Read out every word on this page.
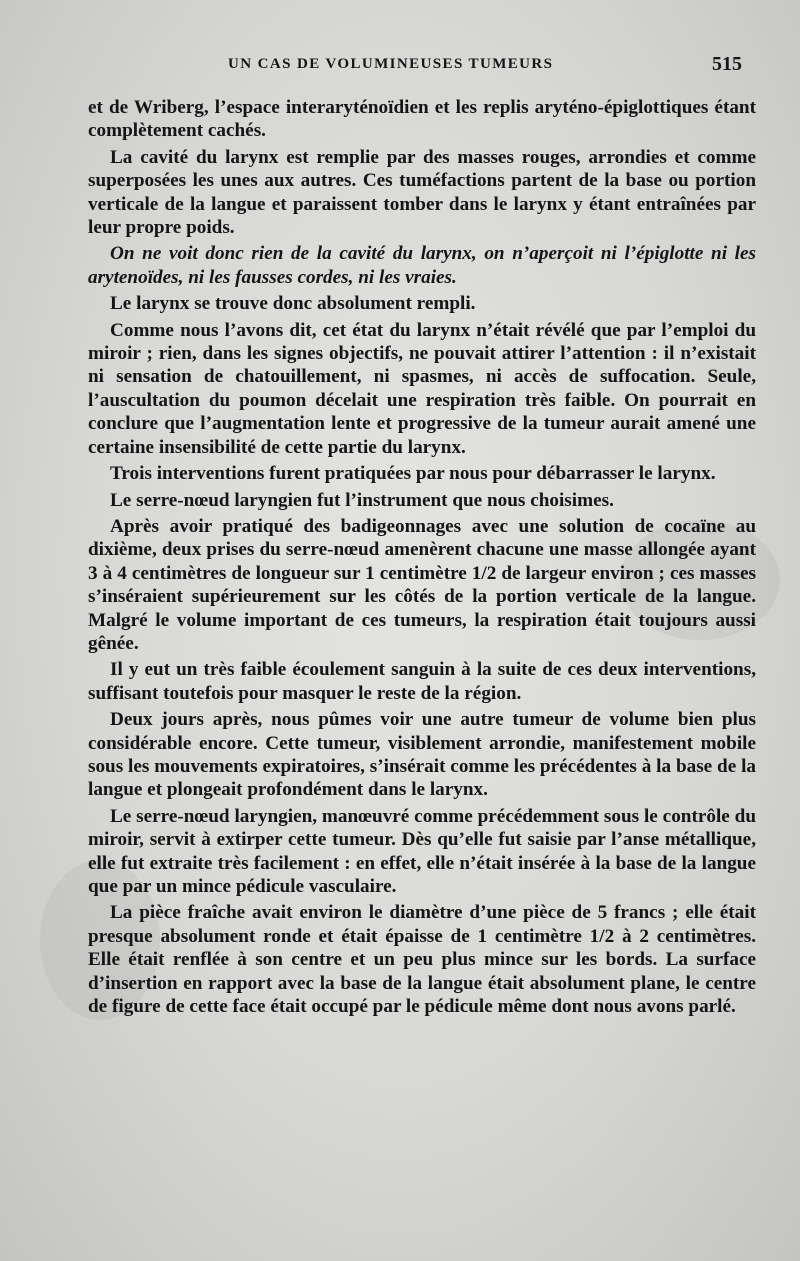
UN CAS DE VOLUMINEUSES TUMEURS	515

et de Wriberg, l’espace interaryténoïdien et les replis aryténo-épiglottiques étant complètement cachés.

La cavité du larynx est remplie par des masses rouges, arrondies et comme superposées les unes aux autres. Ces tuméfactions partent de la base ou portion verticale de la langue et paraissent tomber dans le larynx y étant entraînées par leur propre poids.

On ne voit donc rien de la cavité du larynx, on n’aperçoit ni l’épiglotte ni les arytenoïdes, ni les fausses cordes, ni les vraies.

Le larynx se trouve donc absolument rempli.

Comme nous l’avons dit, cet état du larynx n’était révélé que par l’emploi du miroir ; rien, dans les signes objectifs, ne pouvait attirer l’attention : il n’existait ni sensation de chatouillement, ni spasmes, ni accès de suffocation. Seule, l’auscultation du poumon décelait une respiration très faible. On pourrait en conclure que l’augmentation lente et progressive de la tumeur aurait amené une certaine insensibilité de cette partie du larynx.

Trois interventions furent pratiquées par nous pour débarrasser le larynx.

Le serre-nœud laryngien fut l’instrument que nous choisimes.

Après avoir pratiqué des badigeonnages avec une solution de cocaïne au dixième, deux prises du serre-nœud amenèrent chacune une masse allongée ayant 3 à 4 centimètres de longueur sur 1 centimètre 1/2 de largeur environ ; ces masses s’inséraient supérieurement sur les côtés de la portion verticale de la langue. Malgré le volume important de ces tumeurs, la respiration était toujours aussi gênée.

Il y eut un très faible écoulement sanguin à la suite de ces deux interventions, suffisant toutefois pour masquer le reste de la région.

Deux jours après, nous pûmes voir une autre tumeur de volume bien plus considérable encore. Cette tumeur, visiblement arrondie, manifestement mobile sous les mouvements expiratoires, s’insérait comme les précédentes à la base de la langue et plongeait profondément dans le larynx.

Le serre-nœud laryngien, manœuvré comme précédemment sous le contrôle du miroir, servit à extirper cette tumeur. Dès qu’elle fut saisie par l’anse métallique, elle fut extraite très facilement : en effet, elle n’était insérée à la base de la langue que par un mince pédicule vasculaire.

La pièce fraîche avait environ le diamètre d’une pièce de 5 francs ; elle était presque absolument ronde et était épaisse de 1 centimètre 1/2 à 2 centimètres. Elle était renflée à son centre et un peu plus mince sur les bords. La surface d’insertion en rapport avec la base de la langue était absolument plane, le centre de figure de cette face était occupé par le pédicule même dont nous avons parlé.
